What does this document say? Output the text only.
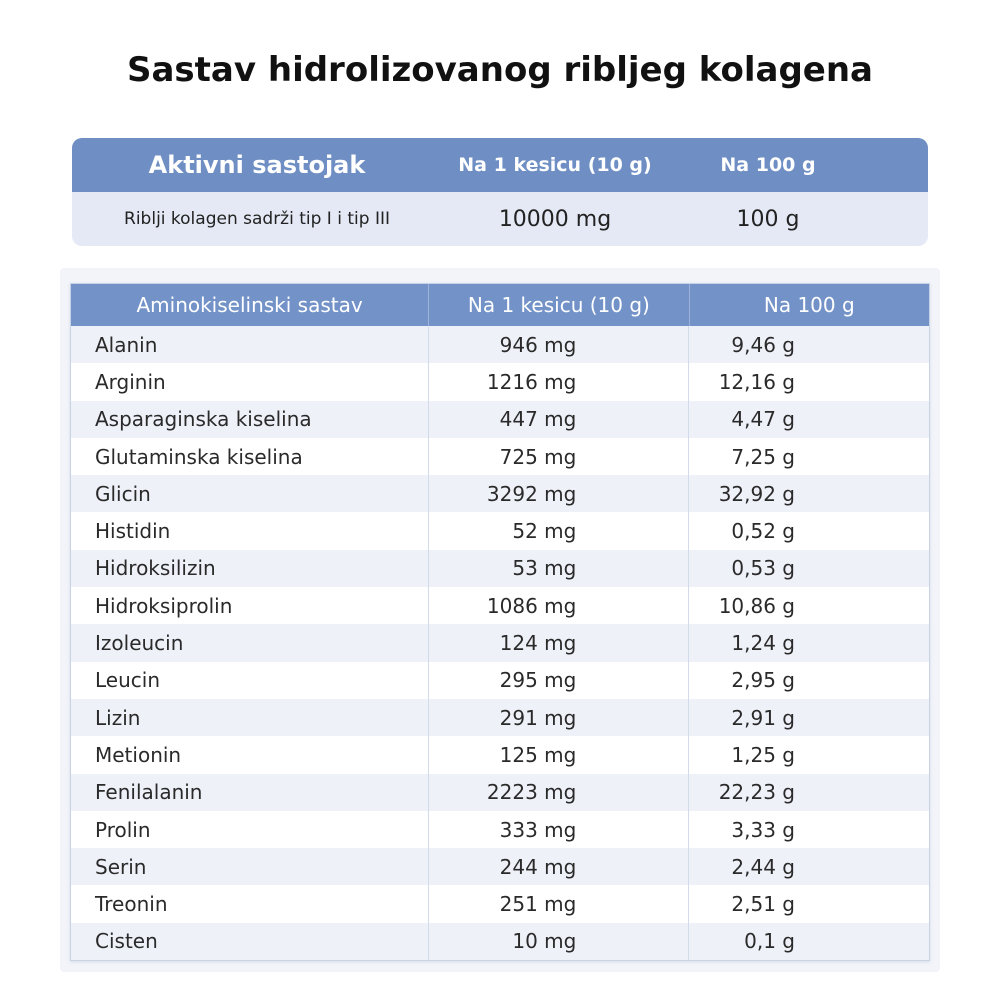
Sastav hidrolizovanog ribljeg kolagena
Aktivni sastojak	Na 1 kesicu (10 g)	Na 100 g
Riblji kolagen sadrži tip I i tip III	10000 mg	100 g
Aminokiselinski sastav	Na 1 kesicu (10 g)	Na 100 g
Alanin	946 mg	9,46 g
Arginin	1216 mg	12,16 g
Asparaginska kiselina	447 mg	4,47 g
Glutaminska kiselina	725 mg	7,25 g
Glicin	3292 mg	32,92 g
Histidin	52 mg	0,52 g
Hidroksilizin	53 mg	0,53 g
Hidroksiprolin	1086 mg	10,86 g
Izoleucin	124 mg	1,24 g
Leucin	295 mg	2,95 g
Lizin	291 mg	2,91 g
Metionin	125 mg	1,25 g
Fenilalanin	2223 mg	22,23 g
Prolin	333 mg	3,33 g
Serin	244 mg	2,44 g
Treonin	251 mg	2,51 g
Cisten	10 mg	0,1 g
